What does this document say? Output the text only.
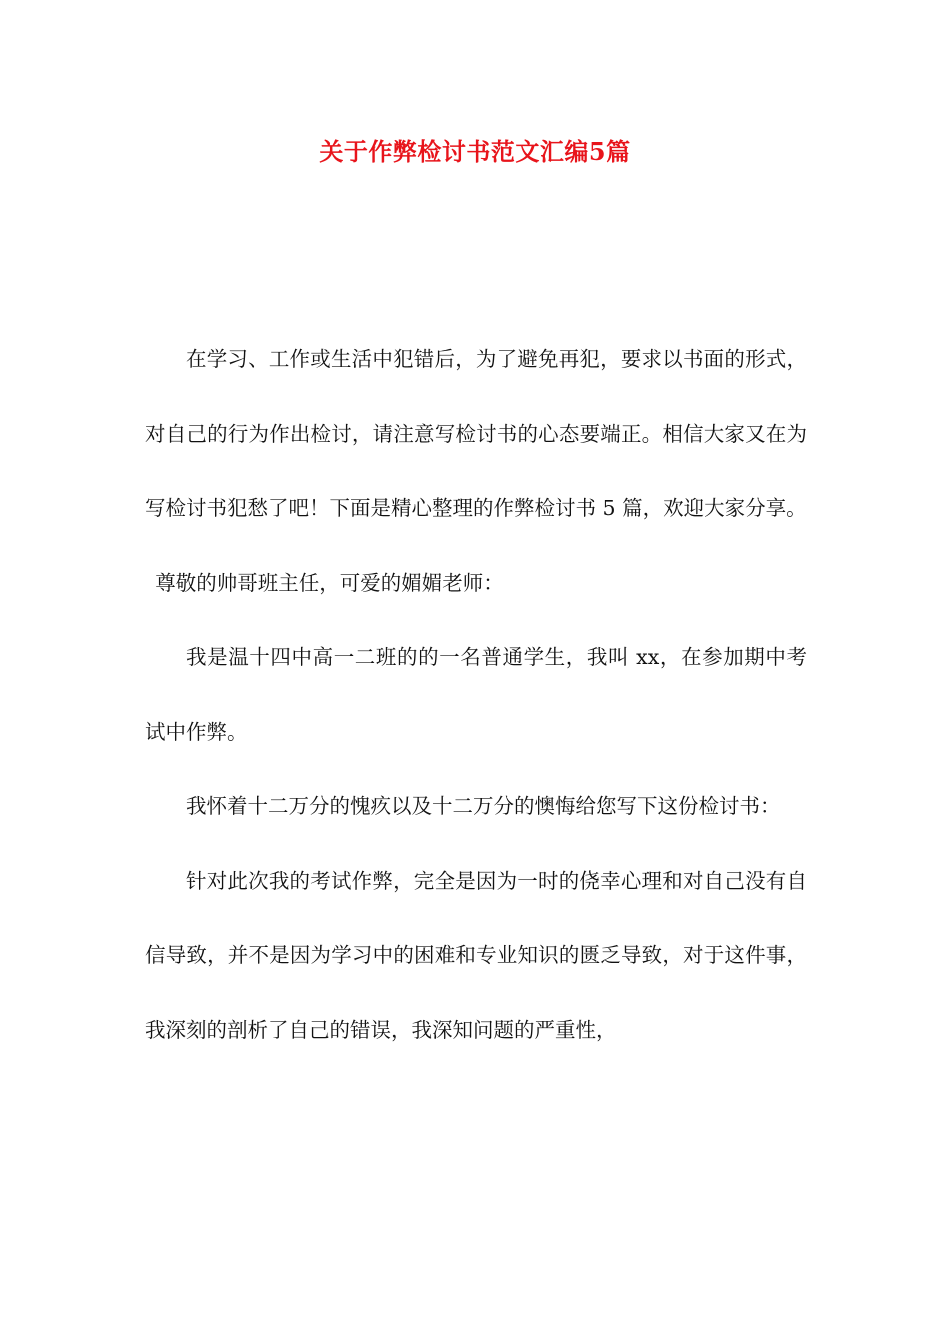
关于作弊检讨书范文汇编5篇

在学习、工作或生活中犯错后，为了避免再犯，要求以书面的形式，对自己的行为作出检讨，请注意写检讨书的心态要端正。相信大家又在为写检讨书犯愁了吧！下面是精心整理的作弊检讨书 5 篇，欢迎大家分享。

尊敬的帅哥班主任，可爱的媚媚老师：

我是温十四中高一二班的的一名普通学生，我叫 xx，在参加期中考试中作弊。

我怀着十二万分的愧疚以及十二万分的懊悔给您写下这份检讨书：

针对此次我的考试作弊，完全是因为一时的侥幸心理和对自己没有自信导致，并不是因为学习中的困难和专业知识的匮乏导致，对于这件事，我深刻的剖析了自己的错误，我深知问题的严重性，
